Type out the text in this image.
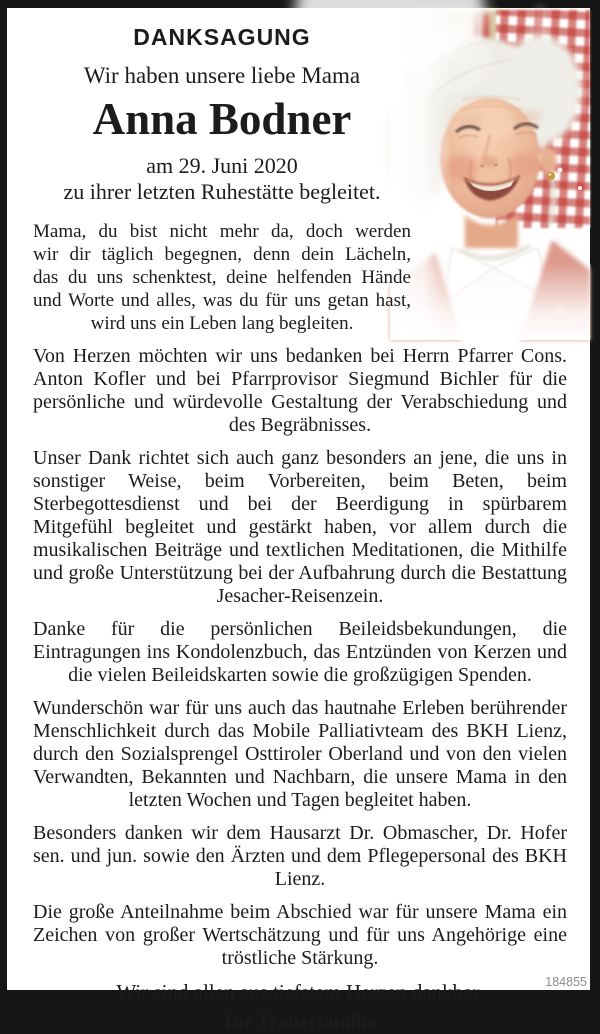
DANKSAGUNG
Wir haben unsere liebe Mama
Anna Bodner
am 29. Juni 2020
zu ihrer letzten Ruhestätte begleitet.
Mama, du bist nicht mehr da, doch werden
wir dir täglich begegnen, denn dein Lächeln,
das du uns schenktest, deine helfenden Hände
und Worte und alles, was du für uns getan hast,
wird uns ein Leben lang begleiten.

Von Herzen möchten wir uns bedanken bei Herrn Pfarrer Cons. Anton Kofler und bei Pfarrprovisor Siegmund Bichler für die persönliche und würdevolle Gestaltung der Verabschiedung und des Begräbnisses.

Unser Dank richtet sich auch ganz besonders an jene, die uns in sonstiger Weise, beim Vorbereiten, beim Beten, beim Sterbegottesdienst und bei der Beerdigung in spürbarem Mitgefühl begleitet und gestärkt haben, vor allem durch die musikalischen Beiträge und textlichen Meditationen, die Mithilfe und große Unterstützung bei der Aufbahrung durch die Bestattung Jesacher-Reisenzein.

Danke für die persönlichen Beileidsbekundungen, die Eintragungen ins Kondolenzbuch, das Entzünden von Kerzen und die vielen Beileidskarten sowie die großzügigen Spenden.

Wunderschön war für uns auch das hautnahe Erleben berührender Menschlichkeit durch das Mobile Palliativteam des BKH Lienz, durch den Sozialsprengel Osttiroler Oberland und von den vielen Verwandten, Bekannten und Nachbarn, die unsere Mama in den letzten Wochen und Tagen begleitet haben.

Besonders danken wir dem Hausarzt Dr. Obmascher, Dr. Hofer sen. und jun. sowie den Ärzten und dem Pflegepersonal des BKH Lienz.

Die große Anteilnahme beim Abschied war für unsere Mama ein Zeichen von großer Wertschätzung und für uns Angehörige eine tröstliche Stärkung.

Wir sind allen aus tiefstem Herzen dankbar.
Die Trauerfamilie
184855
